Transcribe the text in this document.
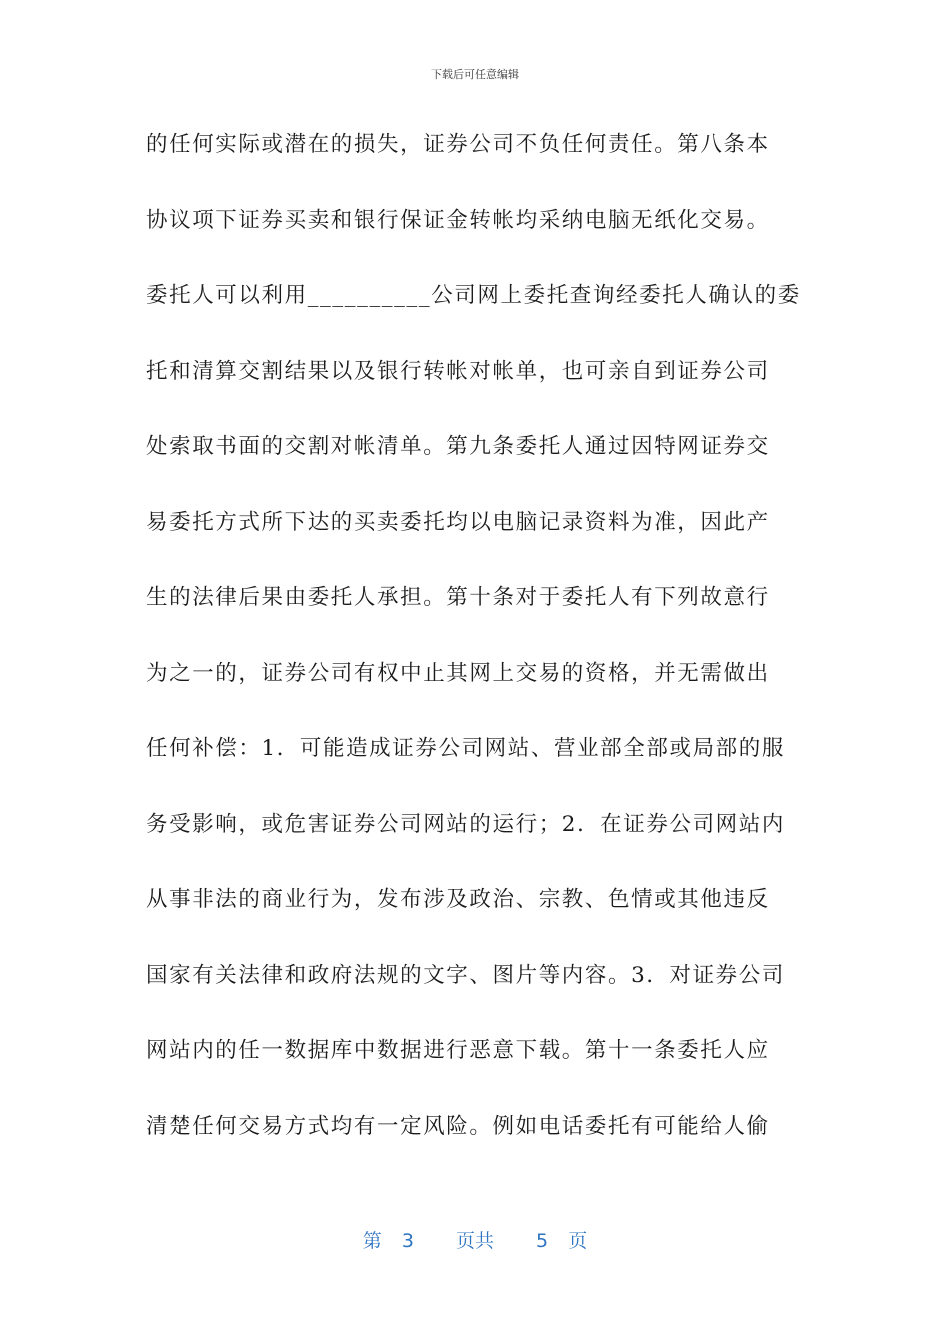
下载后可任意编辑
的任何实际或潜在的损失，证券公司不负任何责任。第八条本
协议项下证券买卖和银行保证金转帐均采纳电脑无纸化交易。
委托人可以利用__________公司网上委托查询经委托人确认的委
托和清算交割结果以及银行转帐对帐单，也可亲自到证券公司
处索取书面的交割对帐清单。第九条委托人通过因特网证券交
易委托方式所下达的买卖委托均以电脑记录资料为准，因此产
生的法律后果由委托人承担。第十条对于委托人有下列故意行
为之一的，证券公司有权中止其网上交易的资格，并无需做出
任何补偿：1．可能造成证券公司网站、营业部全部或局部的服
务受影响，或危害证券公司网站的运行；2．在证券公司网站内
从事非法的商业行为，发布涉及政治、宗教、色情或其他违反
国家有关法律和政府法规的文字、图片等内容。3．对证券公司
网站内的任一数据库中数据进行恶意下载。第十一条委托人应
清楚任何交易方式均有一定风险。例如电话委托有可能给人偷
第 3 页共 5 页
